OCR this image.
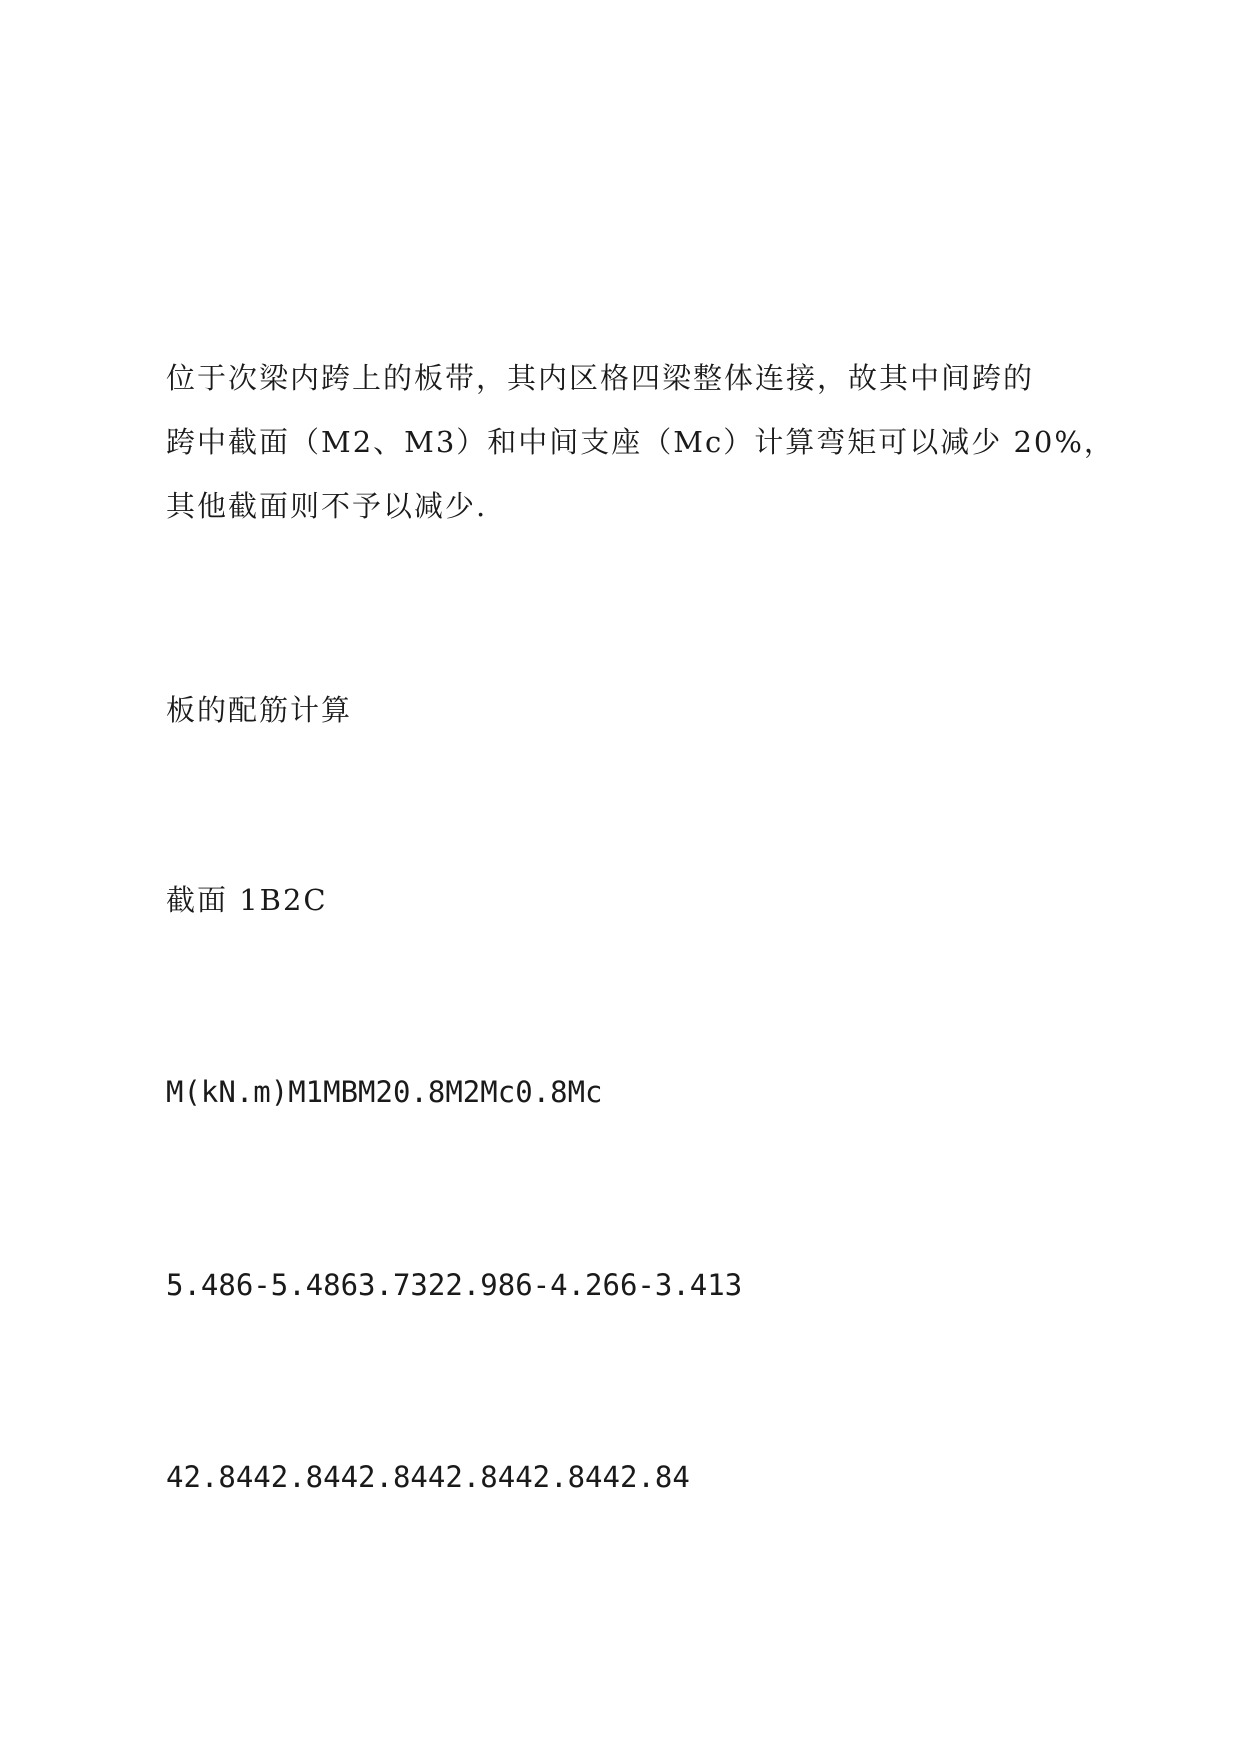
位于次梁内跨上的板带，其内区格四梁整体连接，故其中间跨的
跨中截面（M2、M3）和中间支座（Mc）计算弯矩可以减少 20%，
其他截面则不予以减少.

板的配筋计算

截面 1B2C

M(kN.m)M1MBM20.8M2Mc0.8Mc

5.486-5.4863.7322.986-4.266-3.413

42.8442.8442.8442.8442.8442.84
